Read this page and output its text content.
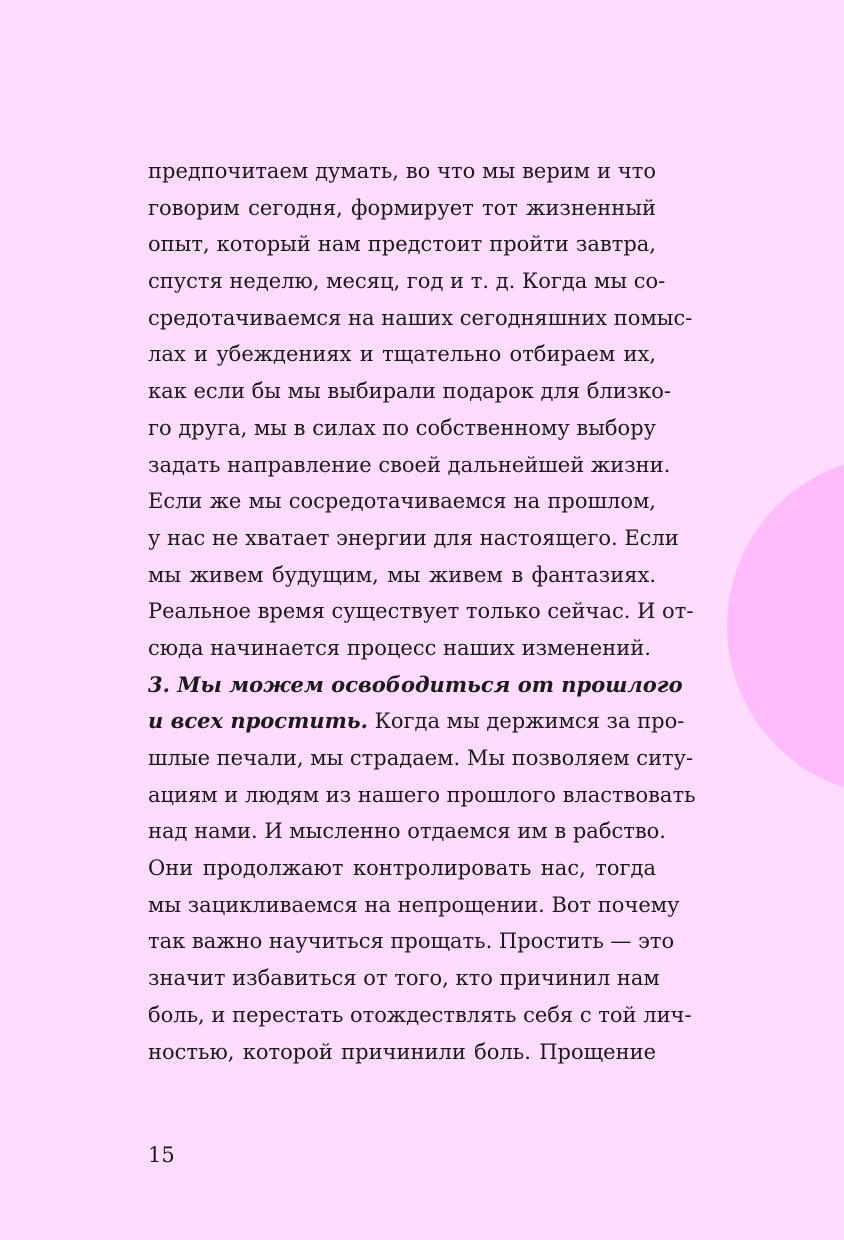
предпочитаем думать, во что мы верим и что
говорим сегодня, формирует тот жизненный
опыт, который нам предстоит пройти завтра,
спустя неделю, месяц, год и т. д. Когда мы со-
средотачиваемся на наших сегодняшних помыс-
лах и убеждениях и тщательно отбираем их,
как если бы мы выбирали подарок для близко-
го друга, мы в силах по собственному выбору
задать направление своей дальнейшей жизни.
Если же мы сосредотачиваемся на прошлом,
у нас не хватает энергии для настоящего. Если
мы живем будущим, мы живем в фантазиях.
Реальное время существует только сейчас. И от-
сюда начинается процесс наших изменений.
3. Мы можем освободиться от прошлого
и всех простить. Когда мы держимся за про-
шлые печали, мы страдаем. Мы позволяем ситу-
ациям и людям из нашего прошлого властвовать
над нами. И мысленно отдаемся им в рабство.
Они продолжают контролировать нас, тогда
мы зацикливаемся на непрощении. Вот почему
так важно научиться прощать. Простить — это
значит избавиться от того, кто причинил нам
боль, и перестать отождествлять себя с той лич-
ностью, которой причинили боль. Прощение
15
